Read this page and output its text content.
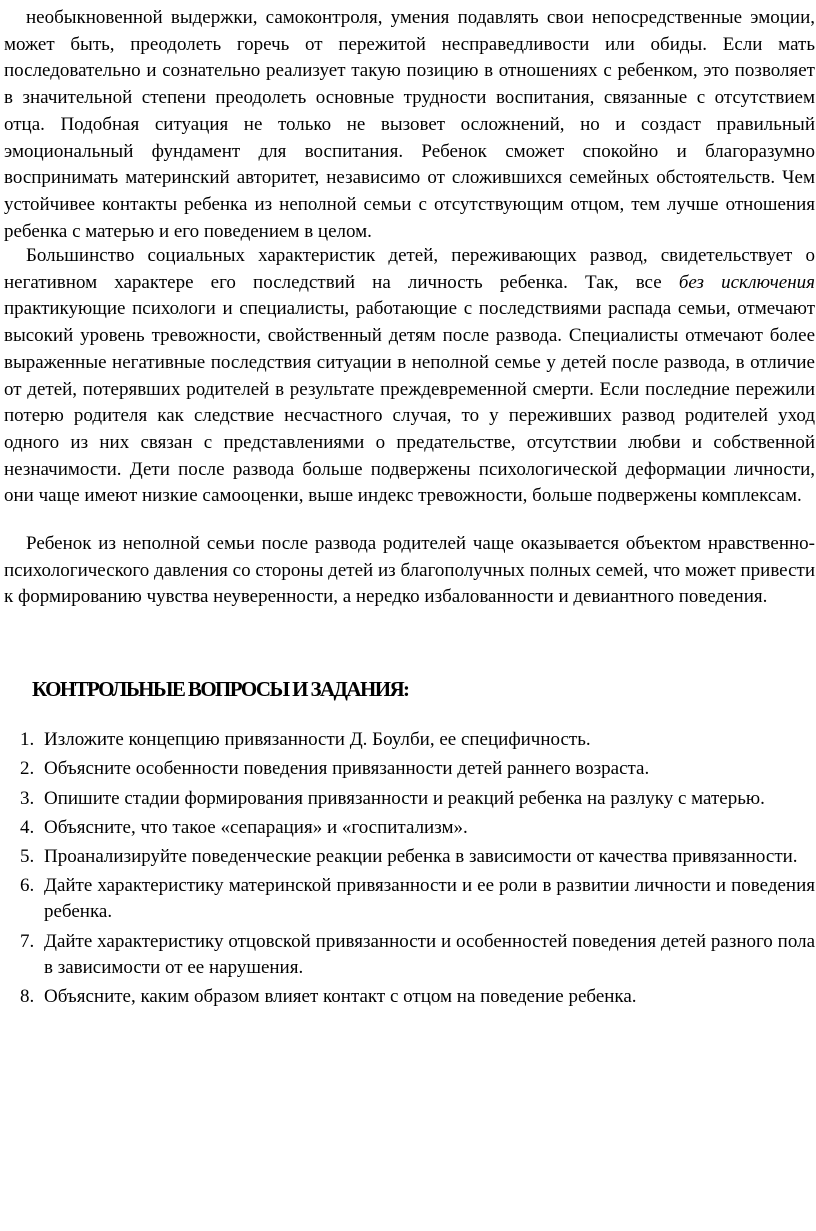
необыкновенной выдержки, самоконтроля, умения подавлять свои непосредственные эмоции, может быть, преодолеть горечь от пережитой несправедливости или обиды. Если мать последовательно и сознательно реализует такую позицию в отношениях с ребенком, это позволяет в значительной степени преодолеть основные трудности воспитания, связанные с отсутствием отца. Подобная ситуация не только не вызовет осложнений, но и создаст правильный эмоциональный фундамент для воспитания. Ребенок сможет спокойно и благоразумно воспринимать материнский авторитет, независимо от сложившихся семейных обстоятельств. Чем устойчивее контакты ребенка из неполной семьи с отсутствующим отцом, тем лучше отношения ребенка с матерью и его поведением в целом.

Большинство социальных характеристик детей, переживающих развод, свидетельствует о негативном характере его последствий на личность ребенка. Так, все без исключения практикующие психологи и специалисты, работающие с последствиями распада семьи, отмечают высокий уровень тревожности, свойственный детям после развода. Специалисты отмечают более выраженные негативные последствия ситуации в неполной семье у детей после развода, в отличие от детей, потерявших родителей в результате преждевременной смерти. Если последние пережили потерю родителя как следствие несчастного случая, то у переживших развод родителей уход одного из них связан с представлениями о предательстве, отсутствии любви и собственной незначимости. Дети после развода больше подвержены психологической деформации личности, они чаще имеют низкие самооценки, выше индекс тревожности, больше подвержены комплексам.

Ребенок из неполной семьи после развода родителей чаще оказывается объектом нравственно-психологического давления со стороны детей из благополучных полных семей, что может привести к формированию чувства неуверенности, а нередко избалованности и девиантного поведения.

КОНТРОЛЬНЫЕ ВОПРОСЫ И ЗАДАНИЯ:
1. Изложите концепцию привязанности Д. Боулби, ее специфичность.
2. Объясните особенности поведения привязанности детей раннего возраста.
3. Опишите стадии формирования привязанности и реакций ребенка на разлуку с матерью.
4. Объясните, что такое «сепарация» и «госпитализм».
5. Проанализируйте поведенческие реакции ребенка в зависимости от качества привязанности.
6. Дайте характеристику материнской привязанности и ее роли в развитии личности и поведения ребенка.
7. Дайте характеристику отцовской привязанности и особенностей поведения детей разного пола в зависимости от ее нарушения.
8. Объясните, каким образом влияет контакт с отцом на поведение ребенка.
